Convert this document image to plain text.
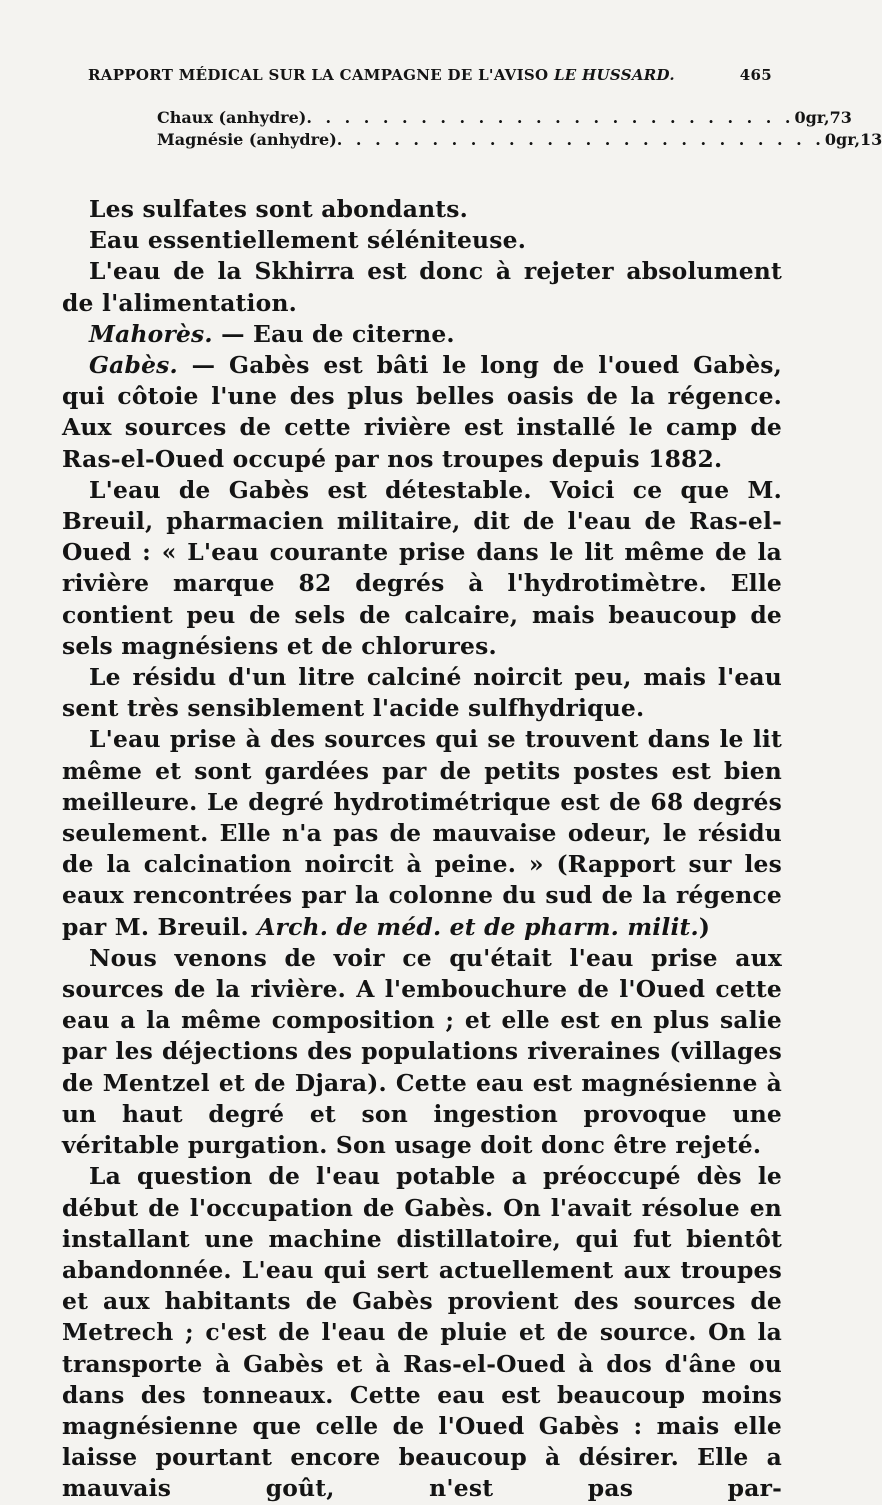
RAPPORT MÉDICAL SUR LA CAMPAGNE DE L'AVISO LE HUSSARD.	465
Chaux (anhydre) . . . . . . . . . . . . . . . . . . . . . . . . . . 0gr,73
Magnésie (anhydre) . . . . . . . . . . . . . . . . . . . . . . . . . . 0gr,13

Les sulfates sont abondants.

Eau essentiellement séléniteuse.

L'eau de la Skhirra est donc à rejeter absolument de l'alimentation.

Mahorès. — Eau de citerne.

Gabès. — Gabès est bâti le long de l'oued Gabès, qui côtoie l'une des plus belles oasis de la régence. Aux sources de cette rivière est installé le camp de Ras-el-Oued occupé par nos troupes depuis 1882.

L'eau de Gabès est détestable. Voici ce que M. Breuil, pharmacien militaire, dit de l'eau de Ras-el-Oued : « L'eau courante prise dans le lit même de la rivière marque 82 degrés à l'hydrotimètre. Elle contient peu de sels de calcaire, mais beaucoup de sels magnésiens et de chlorures.

Le résidu d'un litre calciné noircit peu, mais l'eau sent très sensiblement l'acide sulfhydrique.

L'eau prise à des sources qui se trouvent dans le lit même et sont gardées par de petits postes est bien meilleure. Le degré hydrotimétrique est de 68 degrés seulement. Elle n'a pas de mauvaise odeur, le résidu de la calcination noircit à peine. » (Rapport sur les eaux rencontrées par la colonne du sud de la régence par M. Breuil. Arch. de méd. et de pharm. milit.)

Nous venons de voir ce qu'était l'eau prise aux sources de la rivière. A l'embouchure de l'Oued cette eau a la même composition ; et elle est en plus salie par les déjections des populations riveraines (villages de Mentzel et de Djara). Cette eau est magnésienne à un haut degré et son ingestion provoque une véritable purgation. Son usage doit donc être rejeté.

La question de l'eau potable a préoccupé dès le début de l'occupation de Gabès. On l'avait résolue en installant une machine distillatoire, qui fut bientôt abandonnée. L'eau qui sert actuellement aux troupes et aux habitants de Gabès provient des sources de Metrech ; c'est de l'eau de pluie et de source. On la transporte à Gabès et à Ras-el-Oued à dos d'âne ou dans des tonneaux. Cette eau est beaucoup moins magnésienne que celle de l'Oued Gabès : mais elle laisse pourtant encore beaucoup à désirer. Elle a mauvais goût, n'est pas par-
